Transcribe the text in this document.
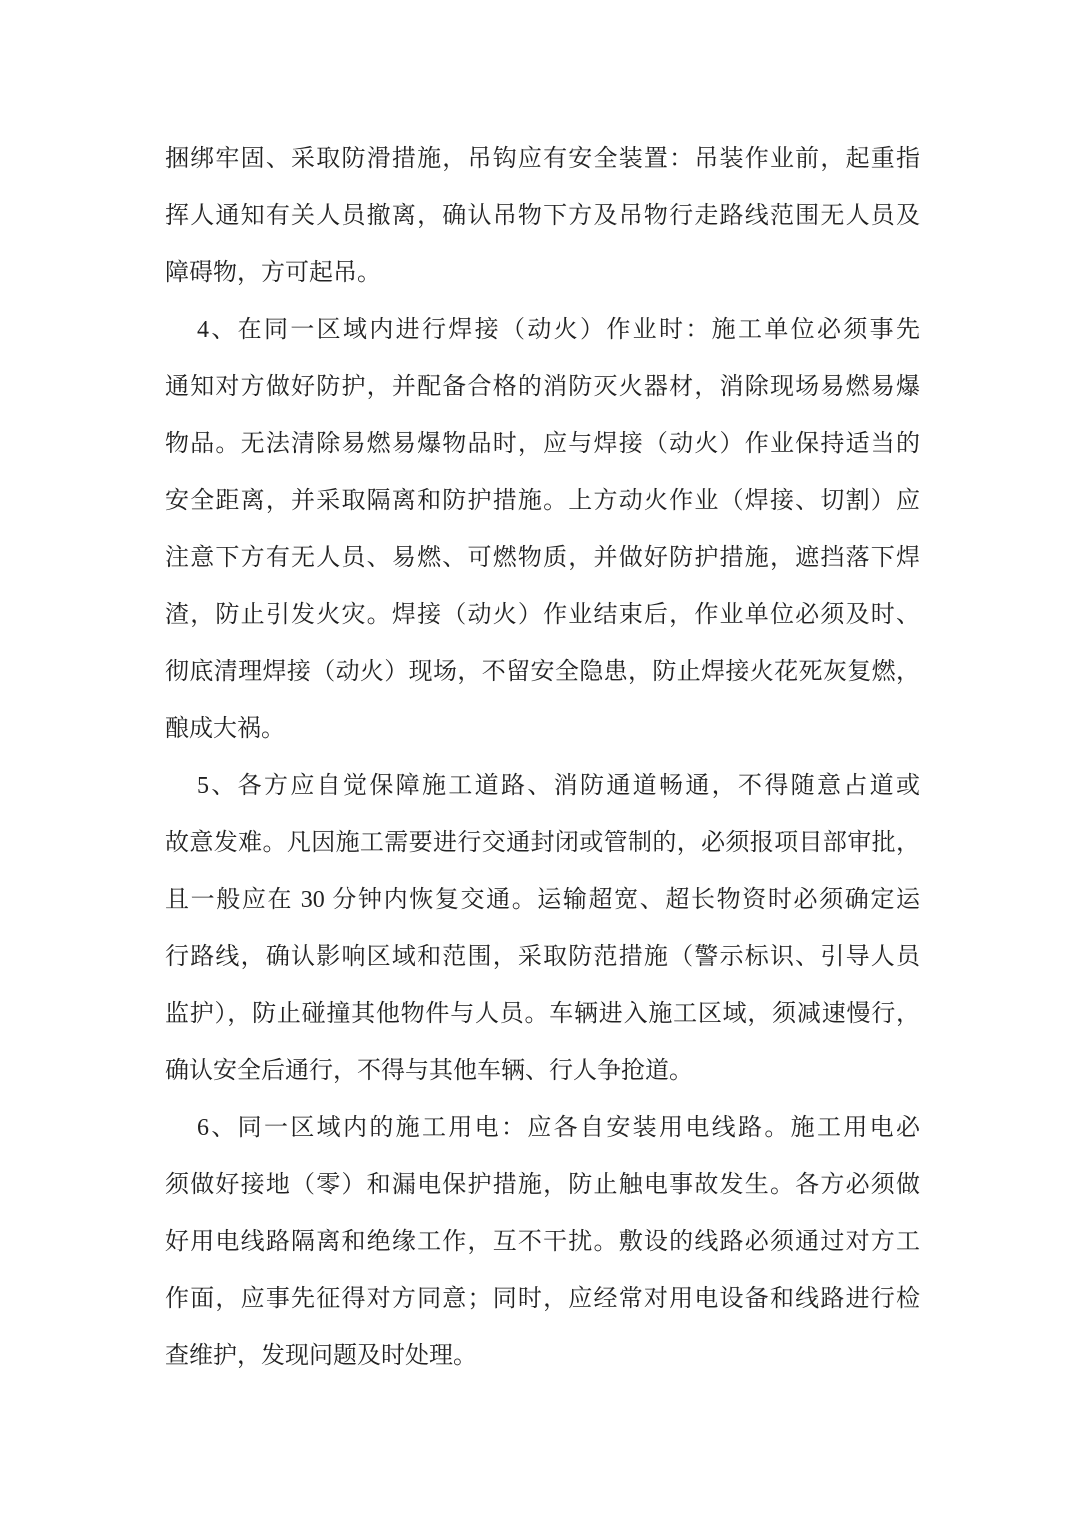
捆绑牢固、采取防滑措施，吊钩应有安全装置：吊装作业前，起重指
挥人通知有关人员撤离，确认吊物下方及吊物行走路线范围无人员及
障碍物，方可起吊。
4、在同一区域内进行焊接（动火）作业时：施工单位必须事先
通知对方做好防护，并配备合格的消防灭火器材，消除现场易燃易爆
物品。无法清除易燃易爆物品时，应与焊接（动火）作业保持适当的
安全距离，并采取隔离和防护措施。上方动火作业（焊接、切割）应
注意下方有无人员、易燃、可燃物质，并做好防护措施，遮挡落下焊
渣，防止引发火灾。焊接（动火）作业结束后，作业单位必须及时、
彻底清理焊接（动火）现场，不留安全隐患，防止焊接火花死灰复燃，
酿成大祸。
5、各方应自觉保障施工道路、消防通道畅通，不得随意占道或
故意发难。凡因施工需要进行交通封闭或管制的，必须报项目部审批，
且一般应在 30 分钟内恢复交通。运输超宽、超长物资时必须确定运
行路线，确认影响区域和范围，采取防范措施（警示标识、引导人员
监护），防止碰撞其他物件与人员。车辆进入施工区域，须减速慢行，
确认安全后通行，不得与其他车辆、行人争抢道。
6、同一区域内的施工用电：应各自安装用电线路。施工用电必
须做好接地（零）和漏电保护措施，防止触电事故发生。各方必须做
好用电线路隔离和绝缘工作，互不干扰。敷设的线路必须通过对方工
作面，应事先征得对方同意；同时，应经常对用电设备和线路进行检
查维护，发现问题及时处理。
